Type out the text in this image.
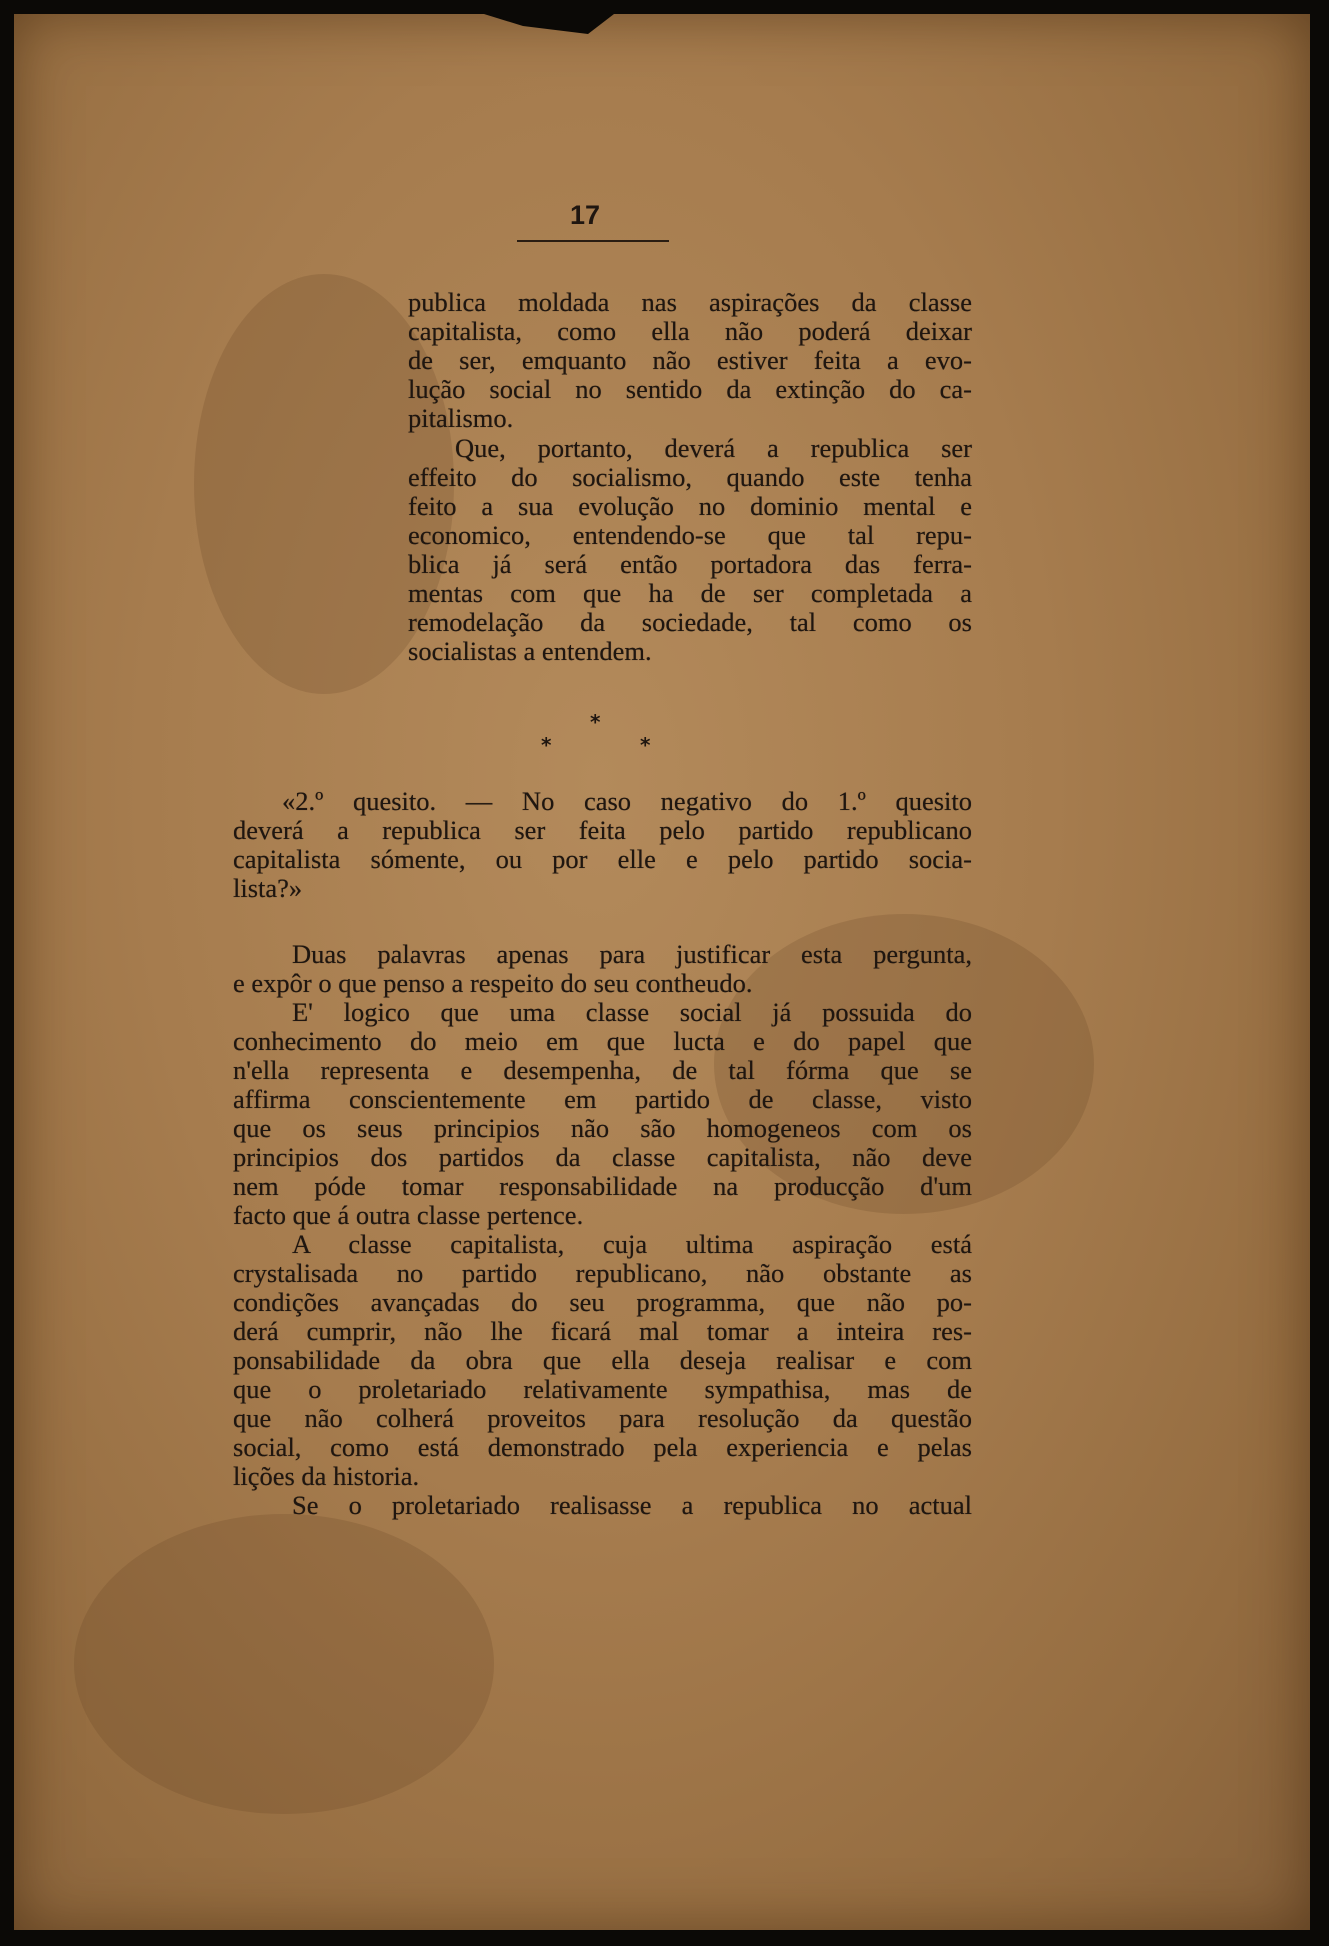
17
publica moldada nas aspirações da classe
capitalista, como ella não poderá deixar
de ser, emquanto não estiver feita a evo-
lução social no sentido da extinção do ca-
pitalismo.
Que, portanto, deverá a republica ser
effeito do socialismo, quando este tenha
feito a sua evolução no dominio mental e
economico, entendendo-se que tal repu-
blica já será então portadora das ferra-
mentas com que ha de ser completada a
remodelação da sociedade, tal como os
socialistas a entendem.
*
*	*
«2.º quesito. — No caso negativo do 1.º quesito
deverá a republica ser feita pelo partido republicano
capitalista sómente, ou por elle e pelo partido socia-
lista?»
Duas palavras apenas para justificar esta pergunta,
e expôr o que penso a respeito do seu contheudo.
E' logico que uma classe social já possuida do
conhecimento do meio em que lucta e do papel que
n'ella representa e desempenha, de tal fórma que se
affirma conscientemente em partido de classe, visto
que os seus principios não são homogeneos com os
principios dos partidos da classe capitalista, não deve
nem póde tomar responsabilidade na producção d'um
facto que á outra classe pertence.
A classe capitalista, cuja ultima aspiração está
crystalisada no partido republicano, não obstante as
condições avançadas do seu programma, que não po-
derá cumprir, não lhe ficará mal tomar a inteira res-
ponsabilidade da obra que ella deseja realisar e com
que o proletariado relativamente sympathisa, mas de
que não colherá proveitos para resolução da questão
social, como está demonstrado pela experiencia e pelas
lições da historia.
Se o proletariado realisasse a republica no actual
